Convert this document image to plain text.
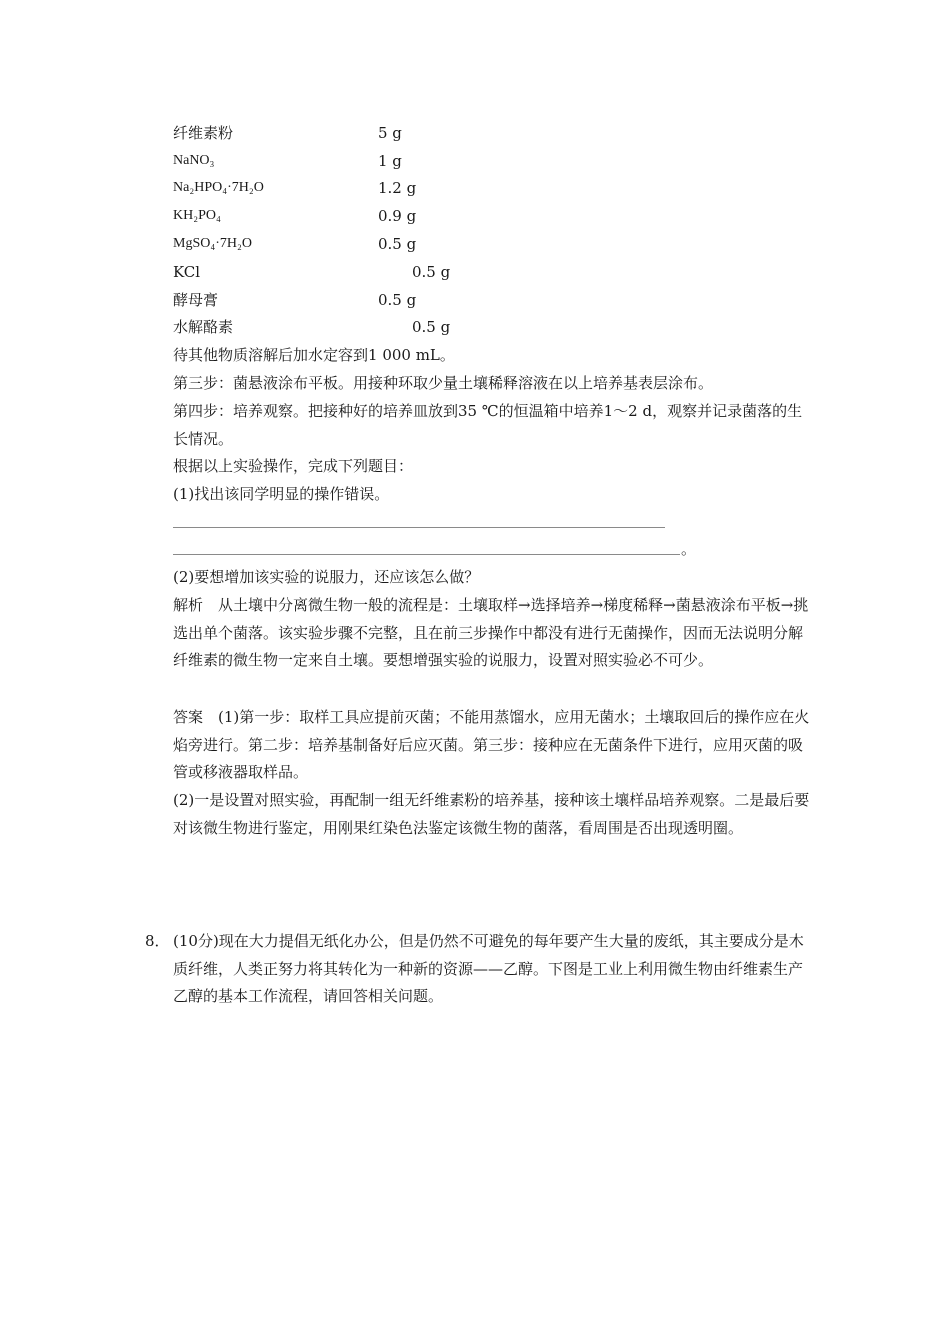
纤维素粉	5 g
NaNO₃	1 g
Na₂HPO₄·7H₂O	1.2 g
KH₂PO₄	0.9 g
MgSO₄·7H₂O	0.5 g
KCl	0.5 g
酵母膏	0.5 g
水解酪素	0.5 g
待其他物质溶解后加水定容到1 000 mL。
第三步：菌悬液涂布平板。用接种环取少量土壤稀释溶液在以上培养基表层涂布。
第四步：培养观察。把接种好的培养皿放到35 ℃的恒温箱中培养1～2 d，观察并记录菌落的生长情况。
根据以上实验操作，完成下列题目：
(1)找出该同学明显的操作错误。
。
(2)要想增加该实验的说服力，还应该怎么做？
解析　从土壤中分离微生物一般的流程是：土壤取样→选择培养→梯度稀释→菌悬液涂布平板→挑选出单个菌落。该实验步骤不完整，且在前三步操作中都没有进行无菌操作，因而无法说明分解纤维素的微生物一定来自土壤。要想增强实验的说服力，设置对照实验必不可少。
答案　(1)第一步：取样工具应提前灭菌；不能用蒸馏水，应用无菌水；土壤取回后的操作应在火焰旁进行。第二步：培养基制备好后应灭菌。第三步：接种应在无菌条件下进行，应用灭菌的吸管或移液器取样品。
(2)一是设置对照实验，再配制一组无纤维素粉的培养基，接种该土壤样品培养观察。二是最后要对该微生物进行鉴定，用刚果红染色法鉴定该微生物的菌落，看周围是否出现透明圈。
8． (10分)现在大力提倡无纸化办公，但是仍然不可避免的每年要产生大量的废纸，其主要成分是木质纤维，人类正努力将其转化为一种新的资源——乙醇。下图是工业上利用微生物由纤维素生产乙醇的基本工作流程，请回答相关问题。
